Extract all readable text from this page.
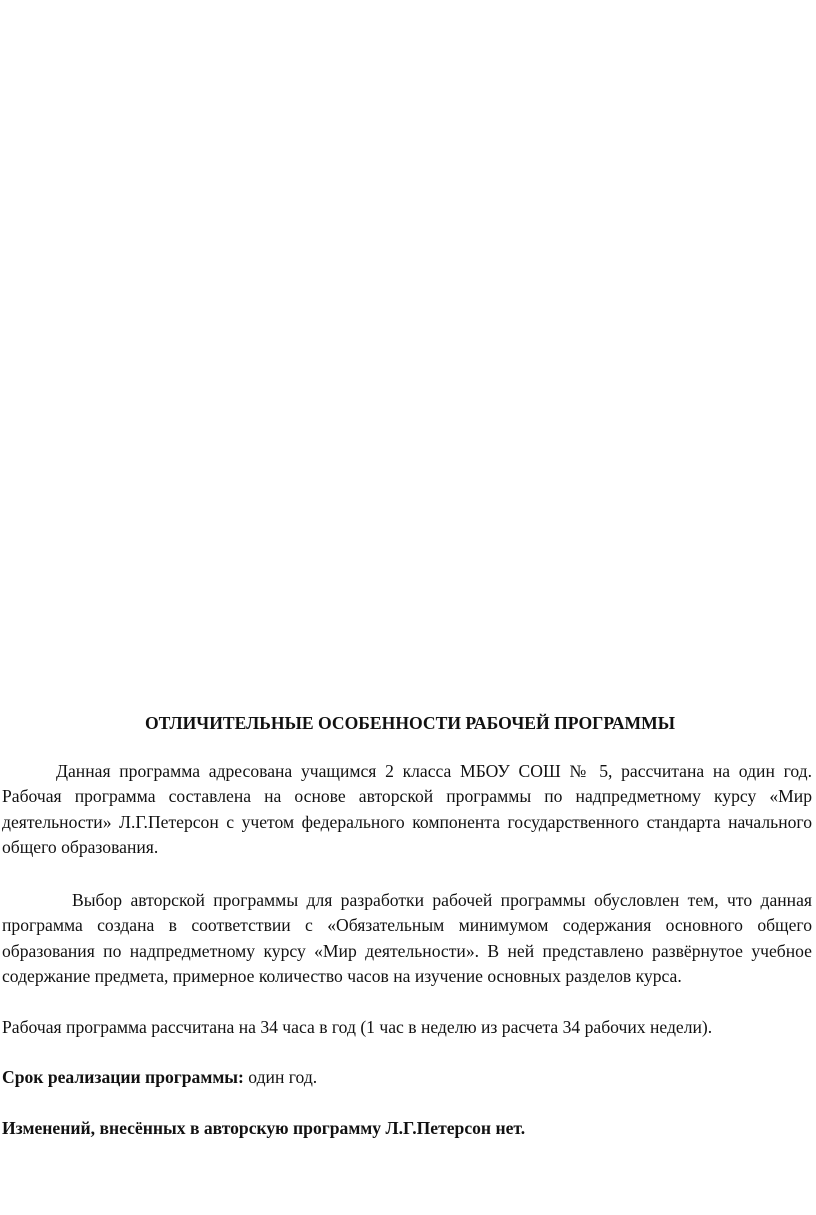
ОТЛИЧИТЕЛЬНЫЕ ОСОБЕННОСТИ РАБОЧЕЙ ПРОГРАММЫ

Данная программа адресована учащимся 2 класса МБОУ СОШ № 5, рассчитана на один год. Рабочая программа составлена на основе авторской программы по надпредметному курсу «Мир деятельности» Л.Г.Петерсон с учетом федерального компонента государственного стандарта начального общего образования.

Выбор авторской программы для разработки рабочей программы обусловлен тем, что данная программа создана в соответствии с «Обязательным минимумом содержания основного общего образования по надпредметному курсу «Мир деятельности». В ней представлено развёрнутое учебное содержание предмета, примерное количество часов на изучение основных разделов курса.

Рабочая программа рассчитана на 34 часа в год (1 час в неделю из расчета 34 рабочих недели).

Срок реализации программы: один год.

Изменений, внесённых в авторскую программу Л.Г.Петерсон нет.
